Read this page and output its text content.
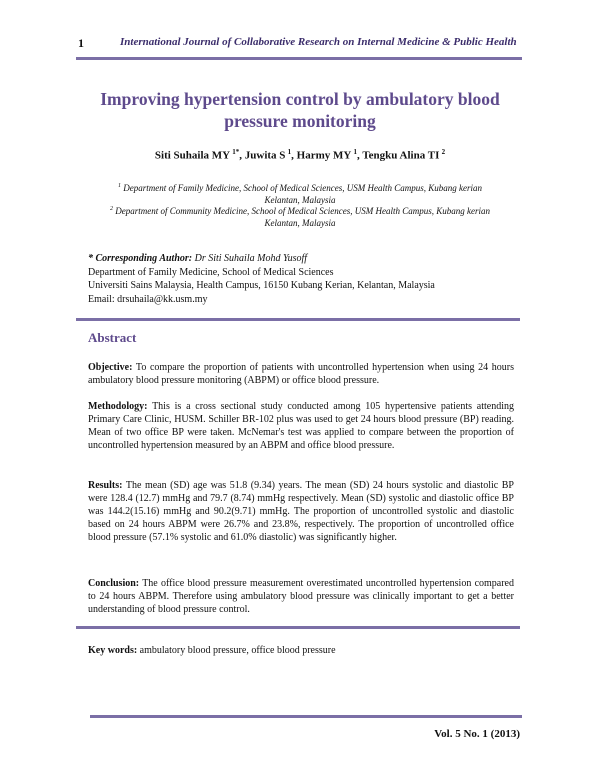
1	International Journal of Collaborative Research on Internal Medicine & Public Health
Improving hypertension control by ambulatory blood pressure monitoring
Siti Suhaila MY  $^{1*}$, Juwita S  $^1$, Harmy MY  $^1$, Tengku Alina TI  $^2$
$^1$ Department of Family Medicine, School of Medical Sciences, USM Health Campus, Kubang kerian Kelantan, Malaysia
$^2$ Department of Community Medicine, School of Medical Sciences, USM Health Campus, Kubang kerian Kelantan, Malaysia
* Corresponding Author: Dr Siti Suhaila Mohd Yusoff
Department of Family Medicine, School of Medical Sciences
Universiti Sains Malaysia, Health Campus, 16150 Kubang Kerian, Kelantan, Malaysia
Email: drsuhaila@kk.usm.my
Abstract
Objective: To compare the proportion of patients with uncontrolled hypertension when using 24 hours ambulatory blood pressure monitoring (ABPM) or office blood pressure.
Methodology: This is a cross sectional study conducted among 105 hypertensive patients attending Primary Care Clinic, HUSM. Schiller BR-102 plus was used to get 24 hours blood pressure (BP) reading. Mean of two office BP were taken. McNemar's test was applied to compare between the proportion of uncontrolled hypertension measured by an ABPM and office blood pressure.
Results: The mean (SD) age was 51.8 (9.34) years. The mean (SD) 24 hours systolic and diastolic BP were 128.4 (12.7) mmHg and 79.7 (8.74) mmHg respectively. Mean (SD) systolic and diastolic office BP was 144.2(15.16) mmHg and 90.2(9.71) mmHg. The proportion of uncontrolled systolic and diastolic based on 24 hours ABPM were 26.7% and 23.8%, respectively. The proportion of uncontrolled office blood pressure (57.1% systolic and 61.0% diastolic) was significantly higher.
Conclusion: The office blood pressure measurement overestimated uncontrolled hypertension compared to 24 hours ABPM. Therefore using ambulatory blood pressure was clinically important to get a better understanding of blood pressure control.
Key words: ambulatory blood pressure, office blood pressure
Vol. 5 No. 1 (2013)
